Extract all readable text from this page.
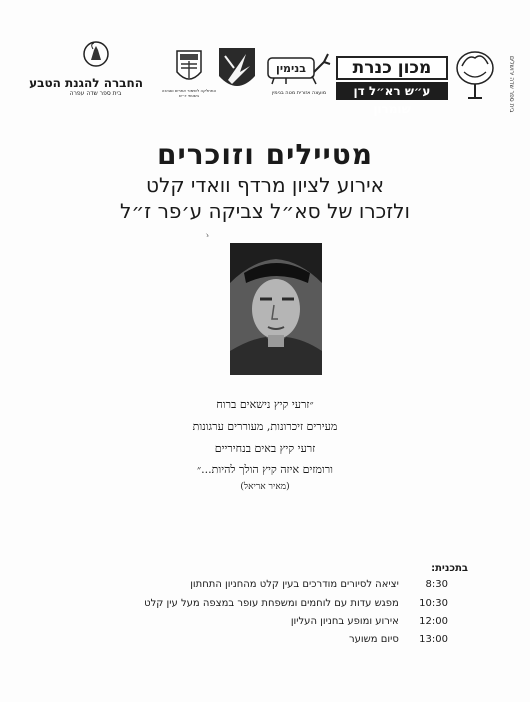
החברה להגנת הטבע
בית ספר שדה עפרה	המחלקה לשימור אתרים וסביבה בשטחי יו״ש
בנימין
מועצה אזורית מטה בנימין
מכון כנרת
ע״ש רא״ל דן שומרון	בית ספר שדה ירושלים
מטיילים וזוכרים
אירוע לציון מרדף וואדי קלט
ולזכרו של סא״ל צביקה ע׳פר ז״ל
ゝ
״זרעי קיץ נישאים ברוח
מעירים זיכרונות, מעוררים ערגונות
זרעי קיץ באים בנחיריים
ורומזים איזה קיץ הולך להיות...״
(מאיר אריאל)
בתכנית:
8:30 יציאה לסיורים מודרכים בעין קלט מהחניון התחתון
10:30 מפגש עדות עם לוחמים ומשפחת עופר במצפה מעל עין קלט
12:00 אירוע ומופע בחניון העליון
13:00 סיום משוער
